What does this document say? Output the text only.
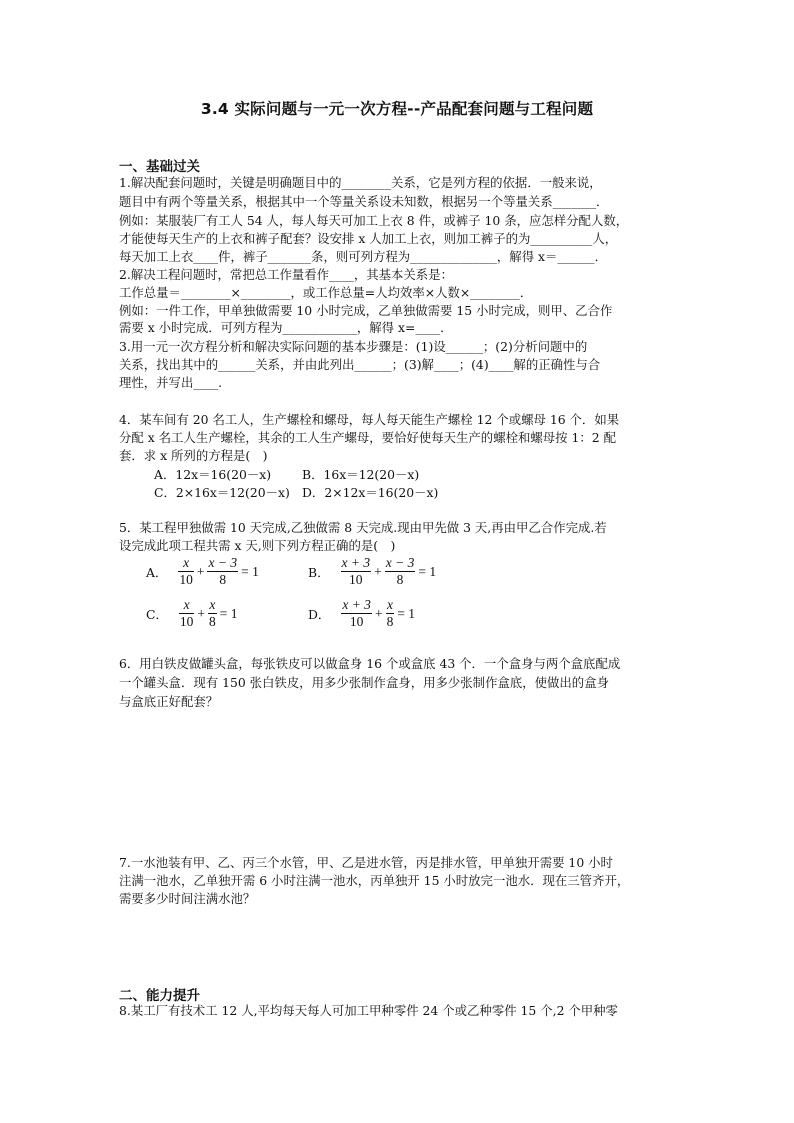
3.4 实际问题与一元一次方程--产品配套问题与工程问题
一、基础过关
1.解决配套问题时，关键是明确题目中的________关系，它是列方程的依据．一般来说，
题目中有两个等量关系，根据其中一个等量关系设未知数，根据另一个等量关系_______．
例如：某服装厂有工人 54 人，每人每天可加工上衣 8 件，或裤子 10 条，应怎样分配人数，
才能使每天生产的上衣和裤子配套？设安排 x 人加工上衣，则加工裤子的为__________人，
每天加工上衣____件，裤子_______条，则可列方程为______________，解得 x＝______．
2.解决工程问题时，常把总工作量看作____，其基本关系是：
工作总量＝________×________，或工作总量=人均效率×人数×________．
例如：一件工作，甲单独做需要 10 小时完成，乙单独做需要 15 小时完成，则甲、乙合作
需要 x 小时完成．可列方程为____________，解得 x=____．
3.用一元一次方程分析和解决实际问题的基本步骤是：(1)设______；(2)分析问题中的
关系，找出其中的______关系，并由此列出______；(3)解____；(4)____解的正确性与合
理性，并写出____.
4．某车间有 20 名工人，生产螺栓和螺母，每人每天能生产螺栓 12 个或螺母 16 个．如果
分配 x 名工人生产螺栓，其余的工人生产螺母，要恰好使每天生产的螺栓和螺母按 1：2 配
套．求 x 所列的方程是(　)
A．12x＝16(20－x) B．16x＝12(20－x)
C．2×16x＝12(20－x) D．2×12x＝16(20－x)
5．某工程甲独做需 10 天完成,乙独做需 8 天完成.现由甲先做 3 天,再由甲乙合作完成.若
设完成此项工程共需 x 天,则下列方程正确的是(　)
A． $\frac{x}{10} + \frac{x - 3}{8} = 1$	B． $\frac{x + 3}{10} + \frac{x - 3}{8} = 1$
C． $\frac{x}{10} + \frac{x}{8} = 1$	D． $\frac{x + 3}{10} + \frac{x}{8} = 1$
6．用白铁皮做罐头盒，每张铁皮可以做盒身 16 个或盒底 43 个．一个盒身与两个盒底配成
一个罐头盒．现有 150 张白铁皮，用多少张制作盒身，用多少张制作盒底，使做出的盒身
与盒底正好配套？
7.一水池装有甲、乙、丙三个水管，甲、乙是进水管，丙是排水管，甲单独开需要 10 小时
注满一池水，乙单独开需 6 小时注满一池水，丙单独开 15 小时放完一池水．现在三管齐开，
需要多少时间注满水池？
二、能力提升
8.某工厂有技术工 12 人,平均每天每人可加工甲种零件 24 个或乙种零件 15 个,2 个甲种零
